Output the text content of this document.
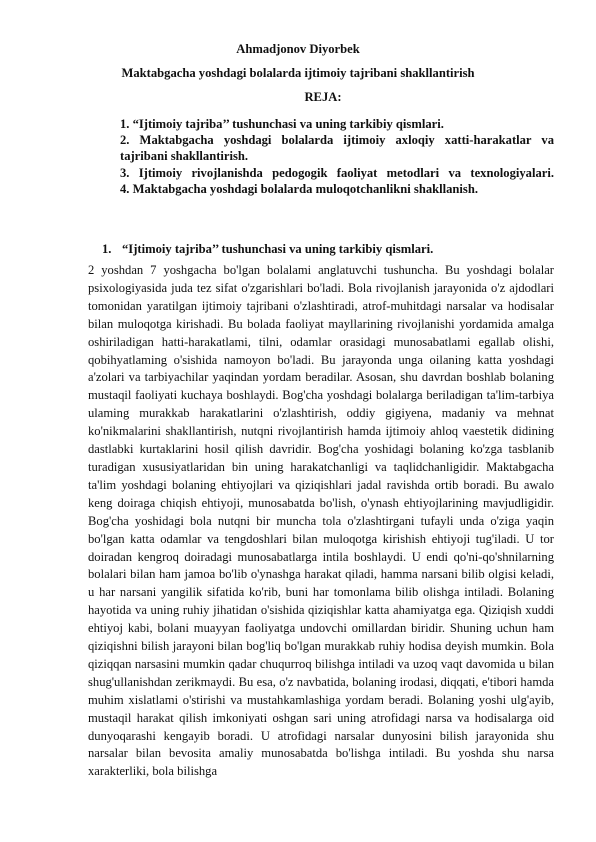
Ahmadjonov Diyorbek
Maktabgacha yoshdagi bolalarda ijtimoiy tajribani shakllantirish
REJA:
1. “Ijtimoiy tajriba’’ tushunchasi va uning tarkibiy qismlari.
2. Maktabgacha yoshdagi bolalarda ijtimoiy axloqiy xatti-harakatlar va tajribani shakllantirish.
3. Ijtimoiy rivojlanishda pedogogik faoliyat metodlari va texnologiyalari.
4. Maktabgacha yoshdagi bolalarda muloqotchanlikni shakllanish.
1. “Ijtimoiy tajriba’’ tushunchasi va uning tarkibiy qismlari.
2 yoshdan 7 yoshgacha bo'lgan bolalami anglatuvchi tushuncha. Bu yoshdagi bolalar psixologiyasida juda tez sifat o'zgarishlari bo'ladi. Bola rivojlanish jarayonida o'z ajdodlari tomonidan yaratilgan ijtimoiy tajribani o'zlashtiradi, atrof-muhitdagi narsalar va hodisalar bilan muloqotga kirishadi. Bu bolada faoliyat mayllarining rivojlanishi yordamida amalga oshiriladigan hatti-harakatlami, tilni, odamlar orasidagi munosabatlami egallab olishi, qobihyatlaming o'sishida namoyon bo'ladi. Bu jarayonda unga oilaning katta yoshdagi a'zolari va tarbiyachilar yaqindan yordam beradilar. Asosan, shu davrdan boshlab bolaning mustaqil faoliyati kuchaya boshlaydi. Bog'cha yoshdagi bolalarga beriladigan ta'lim-tarbiya ulaming murakkab harakatlarini o'zlashtirish, oddiy gigiyena, madaniy va mehnat ko'nikmalarini shakllantirish, nutqni rivojlantirish hamda ijtimoiy ahloq vaestetik didining dastlabki kurtaklarini hosil qilish davridir. Bog'cha yoshidagi bolaning ko'zga tasblanib turadigan xususiyatlaridan bin uning harakatchanligi va taqlidchanligidir. Maktabgacha ta'lim yoshdagi bolaning ehtiyojlari va qiziqishlari jadal ravishda ortib boradi. Bu awalo keng doiraga chiqish ehtiyoji, munosabatda bo'lish, o'ynash ehtiyojlarining mavjudligidir. Bog'cha yoshidagi bola nutqni bir muncha tola o'zlashtirgani tufayli unda o'ziga yaqin bo'lgan katta odamlar va tengdoshlari bilan muloqotga kirishish ehtiyoji tug'iladi. U tor doiradan kengroq doiradagi munosabatlarga intila boshlaydi. U endi qo'ni-qo'shnilarning bolalari bilan ham jamoa bo'lib o'ynashga harakat qiladi, hamma narsani bilib olgisi keladi, u har narsani yangilik sifatida ko'rib, buni har tomonlama bilib olishga intiladi. Bolaning hayotida va uning ruhiy jihatidan o'sishida qiziqishlar katta ahamiyatga ega. Qiziqish xuddi ehtiyoj kabi, bolani muayyan faoliyatga undovchi omillardan biridir. Shuning uchun ham qiziqishni bilish jarayoni bilan bog'liq bo'lgan murakkab ruhiy hodisa deyish mumkin. Bola qiziqqan narsasini mumkin qadar chuqurroq bilishga intiladi va uzoq vaqt davomida u bilan shug'ullanishdan zerikmaydi. Bu esa, o'z navbatida, bolaning irodasi, diqqati, e'tibori hamda muhim xislatlami o'stirishi va mustahkamlashiga yordam beradi. Bolaning yoshi ulg'ayib, mustaqil harakat qilish imkoniyati oshgan sari uning atrofidagi narsa va hodisalarga oid dunyoqarashi kengayib boradi. U atrofidagi narsalar dunyosini bilish jarayonida shu narsalar bilan bevosita amaliy munosabatda bo'lishga intiladi. Bu yoshda shu narsa xarakterliki, bola bilishga
